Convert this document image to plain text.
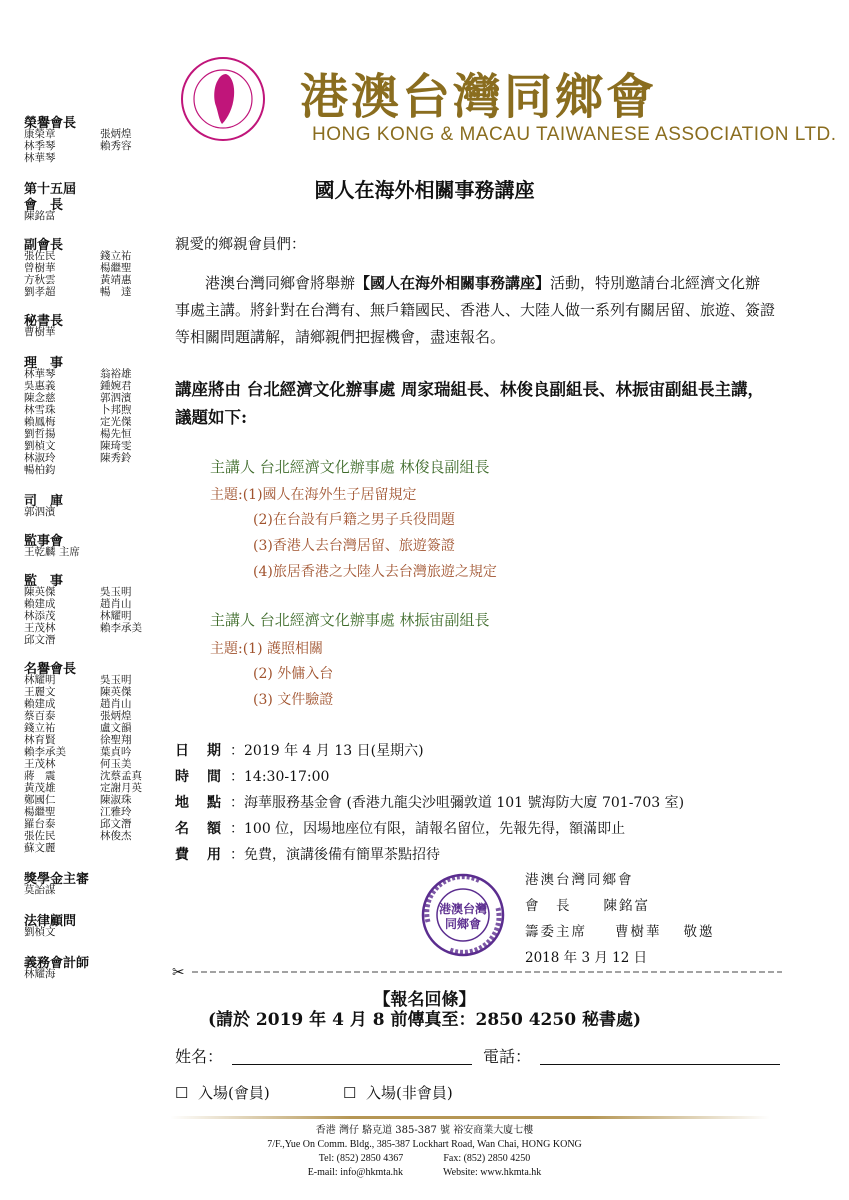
港澳台灣同鄉會
HONG KONG & MACAU TAIWANESE ASSOCIATION LTD.
榮譽會長
康榮章	張炳煌
林季琴	賴秀容
林華琴
第十五屆
會　長
陳銘富
副會長
張佐民	錢立祐
曾樹華	楊繼聖
方秋雲	黃靖惠
劉孝超	暢　達
秘書長
曹樹華
理　事
林華琴	翁裕雄
吳惠義	鍾婉君
陳念慈	郭泗濱
林雪珠	卜邦煦
賴鳳梅	定光傑
劉哲揚	楊先恒
劉楨文	陳琦雯
林淑玲	陳秀鈴
暢柏鈞
司　庫
郭泗濱
監事會
王乾麟 主席
監　事
陳英傑	吳玉明
賴建成	趙肖山
林添茂	林耀明
王茂林	賴李承美
邱文潛
名譽會長
林耀明	吳玉明
王麗文	陳英傑
賴建成	趙肖山
蔡百泰	張炳煌
錢立祐	盧文韻
林育賢	徐聖翔
賴李承美	葉貞吟
王茂林	何玉美
蔣　震	沈蔡孟真
黃茂雄	定謝月英
鄭國仁	陳淑珠
楊繼聖	江雅玲
羅台泰	邱文潛
張佐民	林俊杰
蘇文麗
獎學金主審
莫詒謀
法律顧問
劉楨文
義務會計師
林耀海
國人在海外相關事務講座
親愛的鄉親會員們：
港澳台灣同鄉會將舉辦【國人在海外相關事務講座】活動，特別邀請台北經濟文化辦事處主講。將針對在台灣有、無戶籍國民、香港人、大陸人做一系列有關居留、旅遊、簽證等相關問題講解，請鄉親們把握機會，盡速報名。
講座將由 台北經濟文化辦事處 周家瑞組長、林俊良副組長、林振宙副組長主講，議題如下:
主講人 台北經濟文化辦事處 林俊良副組長
主題:(1)國人在海外生子居留規定
(2)在台設有戶籍之男子兵役問題
(3)香港人去台灣居留、旅遊簽證
(4)旅居香港之大陸人去台灣旅遊之規定
主講人 台北經濟文化辦事處 林振宙副組長
主題:(1) 護照相關
(2) 外傭入台
(3) 文件驗證
日　期 ：2019 年 4 月 13 日(星期六)
時　間 ：14:30-17:00
地　點 ：海華服務基金會 (香港九龍尖沙咀彌敦道 101 號海防大廈 701-703 室)
名　額 ：100 位，因場地座位有限，請報名留位，先報先得，額滿即止
費　用 ：免費，演講後備有簡單茶點招待
港澳台灣
同鄉會
港澳台灣同鄉會
會　長 陳銘富
籌委主席 曹樹華 敬邀
2018 年 3 月 12 日
✂
【報名回條】
(請於 2019 年 4 月 8 前傳真至：2850 4250 秘書處)
姓名：	電話：
☐ 入場(會員)	☐ 入場(非會員)
香港 灣仔 駱克道 385-387 號 裕安商業大廈七樓
7/F.,Yue On Comm. Bldg., 385-387 Lockhart Road, Wan Chai, HONG KONG
Tel: (852) 2850 4367	Fax: (852) 2850 4250
E-mail: info@hkmta.hk	Website: www.hkmta.hk
